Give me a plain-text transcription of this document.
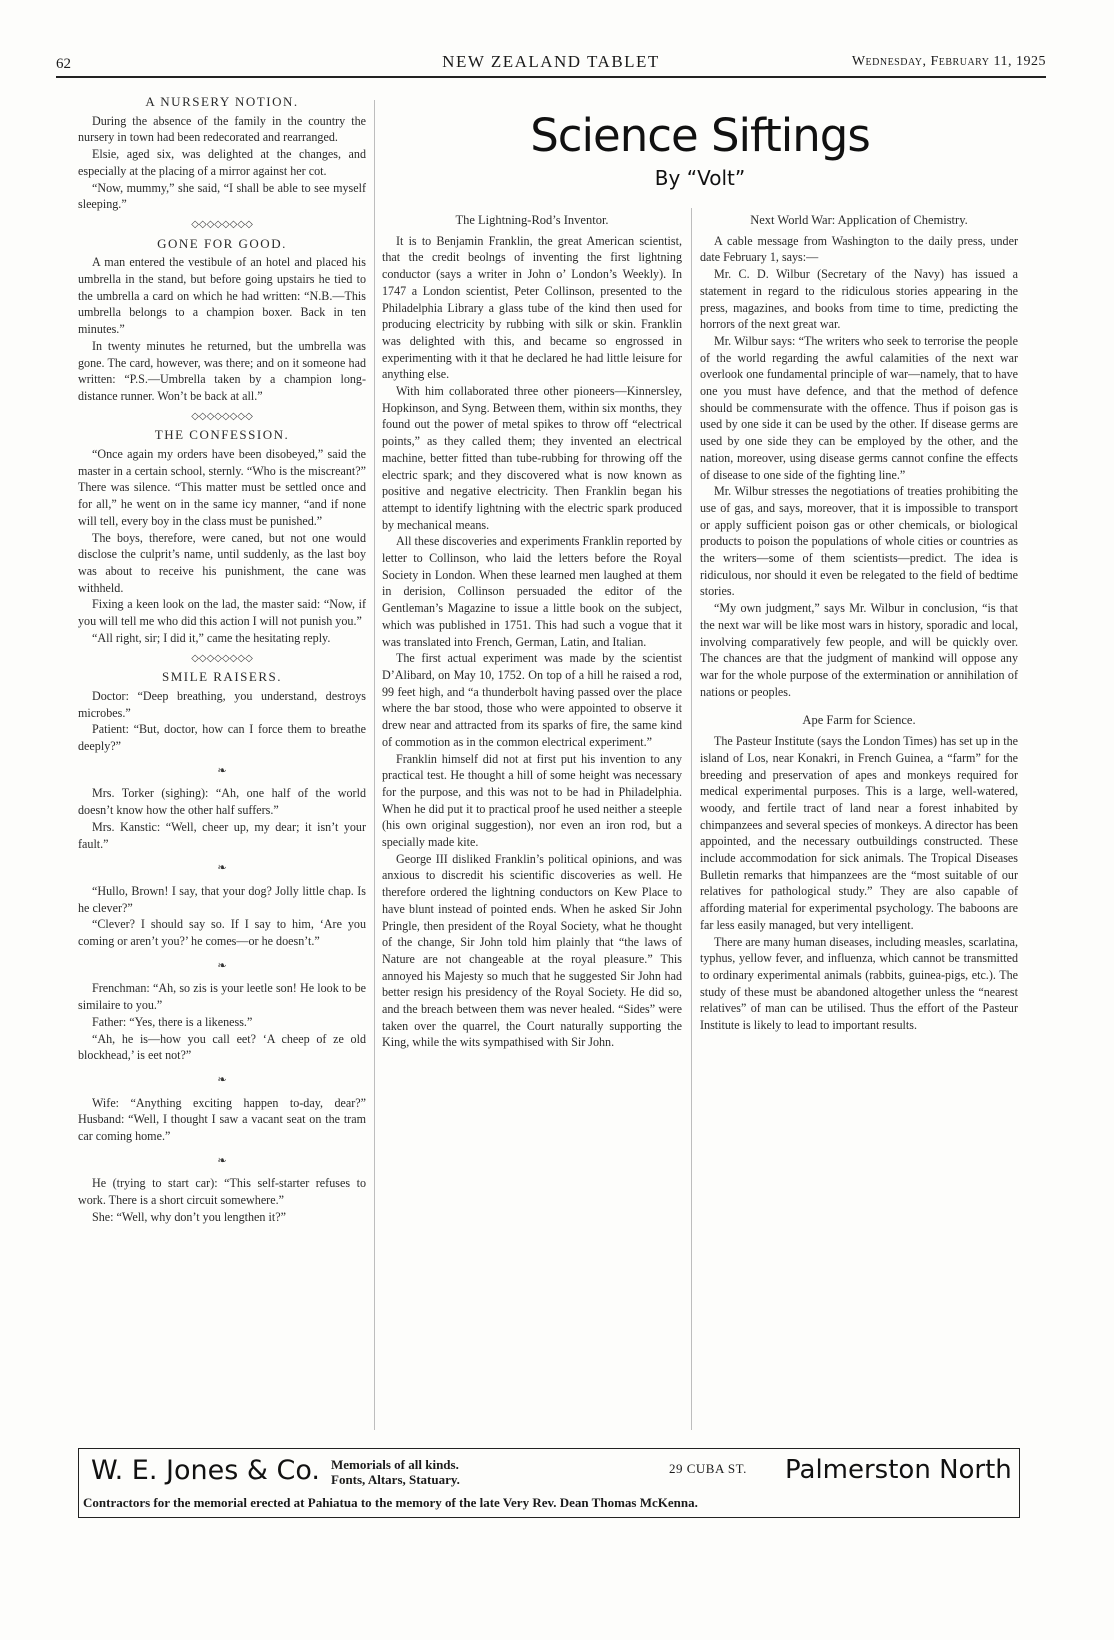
62	NEW ZEALAND TABLET	Wednesday, February 11, 1925
A NURSERY NOTION.

During the absence of the family in the country the nursery in town had been redecorated and rearranged.

Elsie, aged six, was delighted at the changes, and especially at the placing of a mirror against her cot.

“Now, mummy,” she said, “I shall be able to see myself sleeping.”

◇◇◇◇◇◇◇◇
GONE FOR GOOD.

A man entered the vestibule of an hotel and placed his umbrella in the stand, but before going upstairs he tied to the umbrella a card on which he had written: “N.B.—This umbrella belongs to a champion boxer. Back in ten minutes.”

In twenty minutes he returned, but the umbrella was gone. The card, however, was there; and on it someone had written: “P.S.—Umbrella taken by a champion long-distance runner. Won’t be back at all.”

◇◇◇◇◇◇◇◇
THE CONFESSION.

“Once again my orders have been disobeyed,” said the master in a certain school, sternly. “Who is the miscreant?” There was silence. “This matter must be settled once and for all,” he went on in the same icy manner, “and if none will tell, every boy in the class must be punished.”

The boys, therefore, were caned, but not one would disclose the culprit’s name, until suddenly, as the last boy was about to receive his punishment, the cane was withheld.

Fixing a keen look on the lad, the master said: “Now, if you will tell me who did this action I will not punish you.”

“All right, sir; I did it,” came the hesitating reply.

◇◇◇◇◇◇◇◇
SMILE RAISERS.

Doctor: “Deep breathing, you understand, destroys microbes.”

Patient: “But, doctor, how can I force them to breathe deeply?”

❧

Mrs. Torker (sighing): “Ah, one half of the world doesn’t know how the other half suffers.”

Mrs. Kanstic: “Well, cheer up, my dear; it isn’t your fault.”

❧

“Hullo, Brown! I say, that your dog? Jolly little chap. Is he clever?”

“Clever? I should say so. If I say to him, ‘Are you coming or aren’t you?’ he comes—or he doesn’t.”

❧

Frenchman: “Ah, so zis is your leetle son! He look to be similaire to you.”

Father: “Yes, there is a likeness.”

“Ah, he is—how you call eet? ‘A cheep of ze old blockhead,’ is eet not?”

❧

Wife: “Anything exciting happen to-day, dear?” Husband: “Well, I thought I saw a vacant seat on the tram car coming home.”

❧

He (trying to start car): “This self-starter refuses to work. There is a short circuit somewhere.”

She: “Well, why don’t you lengthen it?”

Science Siftings
By “Volt”
The Lightning-Rod’s Inventor.

It is to Benjamin Franklin, the great American scientist, that the credit beolngs of inventing the first lightning conductor (says a writer in John o’ London’s Weekly). In 1747 a London scientist, Peter Collinson, presented to the Philadelphia Library a glass tube of the kind then used for producing electricity by rubbing with silk or skin. Franklin was delighted with this, and became so engrossed in experimenting with it that he declared he had little leisure for anything else.

With him collaborated three other pioneers—Kinnersley, Hopkinson, and Syng. Between them, within six months, they found out the power of metal spikes to throw off “electrical points,” as they called them; they invented an electrical machine, better fitted than tube-rubbing for throwing off the electric spark; and they discovered what is now known as positive and negative electricity. Then Franklin began his attempt to identify lightning with the electric spark produced by mechanical means.

All these discoveries and experiments Franklin reported by letter to Collinson, who laid the letters before the Royal Society in London. When these learned men laughed at them in derision, Collinson persuaded the editor of the Gentleman’s Magazine to issue a little book on the subject, which was published in 1751. This had such a vogue that it was translated into French, German, Latin, and Italian.

The first actual experiment was made by the scientist D’Alibard, on May 10, 1752. On top of a hill he raised a rod, 99 feet high, and “a thunderbolt having passed over the place where the bar stood, those who were appointed to observe it drew near and attracted from its sparks of fire, the same kind of commotion as in the common electrical experiment.”

Franklin himself did not at first put his invention to any practical test. He thought a hill of some height was necessary for the purpose, and this was not to be had in Philadelphia. When he did put it to practical proof he used neither a steeple (his own original suggestion), nor even an iron rod, but a specially made kite.

George III disliked Franklin’s political opinions, and was anxious to discredit his scientific discoveries as well. He therefore ordered the lightning conductors on Kew Place to have blunt instead of pointed ends. When he asked Sir John Pringle, then president of the Royal Society, what he thought of the change, Sir John told him plainly that “the laws of Nature are not changeable at the royal pleasure.” This annoyed his Majesty so much that he suggested Sir John had better resign his presidency of the Royal Society. He did so, and the breach between them was never healed. “Sides” were taken over the quarrel, the Court naturally supporting the King, while the wits sympathised with Sir John.

Next World War: Application of Chemistry.

A cable message from Washington to the daily press, under date February 1, says:—

Mr. C. D. Wilbur (Secretary of the Navy) has issued a statement in regard to the ridiculous stories appearing in the press, magazines, and books from time to time, predicting the horrors of the next great war.

Mr. Wilbur says: “The writers who seek to terrorise the people of the world regarding the awful calamities of the next war overlook one fundamental principle of war—namely, that to have one you must have defence, and that the method of defence should be commensurate with the offence. Thus if poison gas is used by one side it can be used by the other. If disease germs are used by one side they can be employed by the other, and the nation, moreover, using disease germs cannot confine the effects of disease to one side of the fighting line.”

Mr. Wilbur stresses the negotiations of treaties prohibiting the use of gas, and says, moreover, that it is impossible to transport or apply sufficient poison gas or other chemicals, or biological products to poison the populations of whole cities or countries as the writers—some of them scientists—predict. The idea is ridiculous, nor should it even be relegated to the field of bedtime stories.

“My own judgment,” says Mr. Wilbur in conclusion, “is that the next war will be like most wars in history, sporadic and local, involving comparatively few people, and will be quickly over. The chances are that the judgment of mankind will oppose any war for the whole purpose of the extermination or annihilation of nations or peoples.

Ape Farm for Science.

The Pasteur Institute (says the London Times) has set up in the island of Los, near Konakri, in French Guinea, a “farm” for the breeding and preservation of apes and monkeys required for medical experimental purposes. This is a large, well-watered, woody, and fertile tract of land near a forest inhabited by chimpanzees and several species of monkeys. A director has been appointed, and the necessary outbuildings constructed. These include accommodation for sick animals. The Tropical Diseases Bulletin remarks that himpanzees are the “most suitable of our relatives for pathological study.” They are also capable of affording material for experimental psychology. The baboons are far less easily managed, but very intelligent.

There are many human diseases, including measles, scarlatina, typhus, yellow fever, and influenza, which cannot be transmitted to ordinary experimental animals (rabbits, guinea-pigs, etc.). The study of these must be abandoned altogether unless the “nearest relatives” of man can be utilised. Thus the effort of the Pasteur Institute is likely to lead to important results.

W. E. Jones & Co. Memorials of all kinds.
Fonts, Altars, Statuary.
29 CUBA ST. Palmerston North
Contractors for the memorial erected at Pahiatua to the memory of the late Very Rev. Dean Thomas McKenna.
